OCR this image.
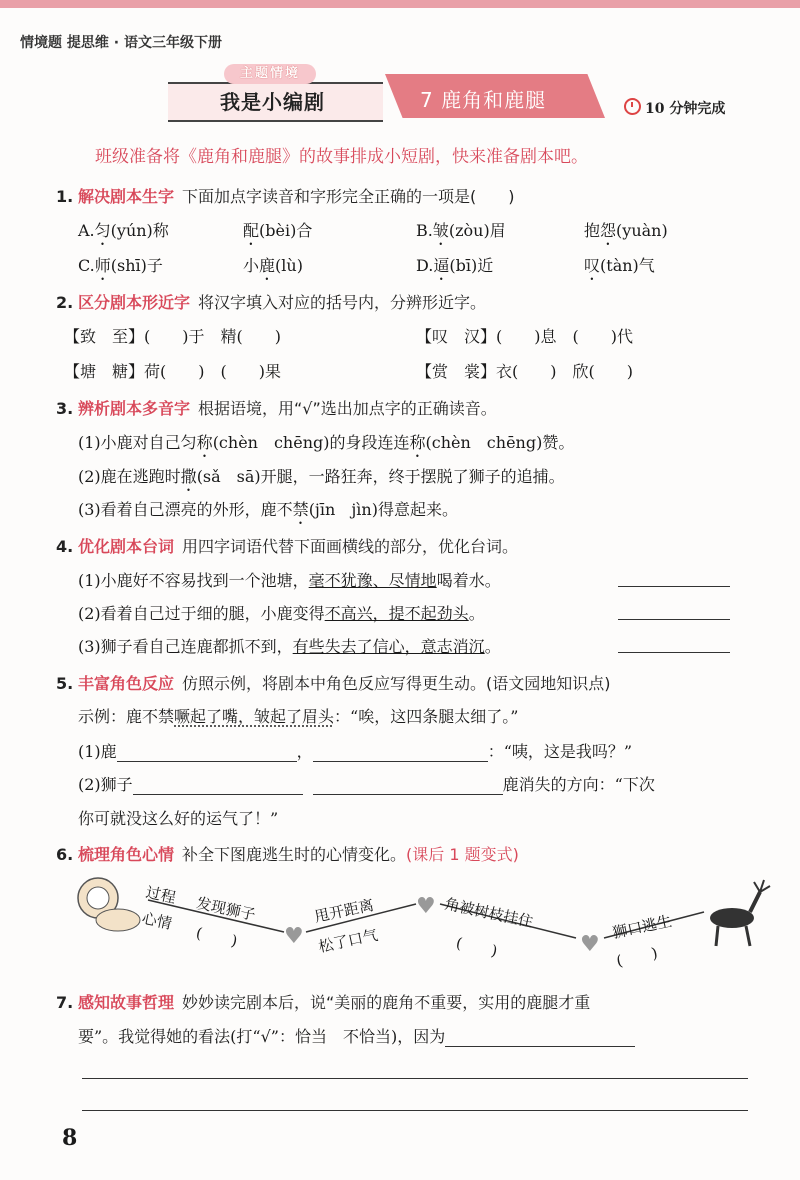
情境题 提思维 · 语文三年级下册
主题情境
我是小编剧	7 鹿角和鹿腿	10 分钟完成
班级准备将《鹿角和鹿腿》的故事排成小短剧，快来准备剧本吧。
1. 解决剧本生字 下面加点字读音和字形完全正确的一项是(　　)
A.匀(yún)称	配(bèi)合	B.皱(zòu)眉	抱怨(yuàn)
C.师(shī)子	小鹿(lù)	D.逼(bī)近	叹(tàn)气
2. 区分剧本形近字 将汉字填入对应的括号内，分辨形近字。
【致　至】(　　)于　精(　　)	【叹　汉】(　　)息　(　　)代
【塘　糖】荷(　　)　(　　)果	【赏　裳】衣(　　)　欣(　　)
3. 辨析剧本多音字 根据语境，用“√”选出加点字的正确读音。
(1)小鹿对自己匀称(chèn　chēng)的身段连连称(chèn　chēng)赞。
(2)鹿在逃跑时撒(sǎ　sā)开腿，一路狂奔，终于摆脱了狮子的追捕。
(3)看着自己漂亮的外形，鹿不禁(jīn　jìn)得意起来。
4. 优化剧本台词 用四字词语代替下面画横线的部分，优化台词。
(1)小鹿好不容易找到一个池塘，毫不犹豫、尽情地喝着水。
(2)看着自己过于细的腿，小鹿变得不高兴，提不起劲头。
(3)狮子看自己连鹿都抓不到，有些失去了信心，意志消沉。
5. 丰富角色反应 仿照示例，将剧本中角色反应写得更生动。(语文园地知识点)
示例：鹿不禁噘起了嘴，皱起了眉头：“唉，这四条腿太细了。”
(1)鹿	，	：“咦，这是我吗？”
(2)狮子	鹿消失的方向：“下次
你可就没这么好的运气了！”
6. 梳理角色心情 补全下图鹿逃生时的心情变化。(课后 1 题变式)
♥
♥
♥
过程
心情 发现狮子
(　　)
甩开距离
松了口气
角被树枝挂住
(　　)
狮口逃生
(　　)
7. 感知故事哲理 妙妙读完剧本后，说“美丽的鹿角不重要，实用的鹿腿才重
要”。我觉得她的看法(打“√”：恰当　不恰当)，因为
8
